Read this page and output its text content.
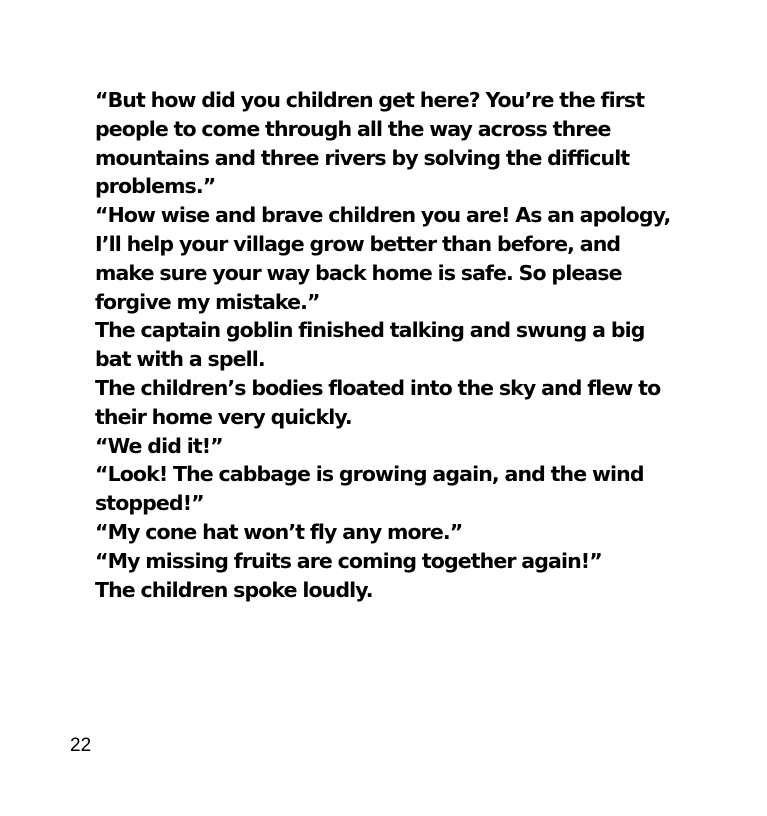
“But how did you children get here? You’re the first people to come through all the way across three mountains and three rivers by solving the difficult problems.”

“How wise and brave children you are! As an apology, I’ll help your village grow better than before, and make sure your way back home is safe. So please forgive my mistake.”

The captain goblin finished talking and swung a big bat with a spell.

The children’s bodies floated into the sky and flew to their home very quickly.

“We did it!”

“Look! The cabbage is growing again, and the wind stopped!”

“My cone hat won’t fly any more.”

“My missing fruits are coming together again!”

The children spoke loudly.

22
